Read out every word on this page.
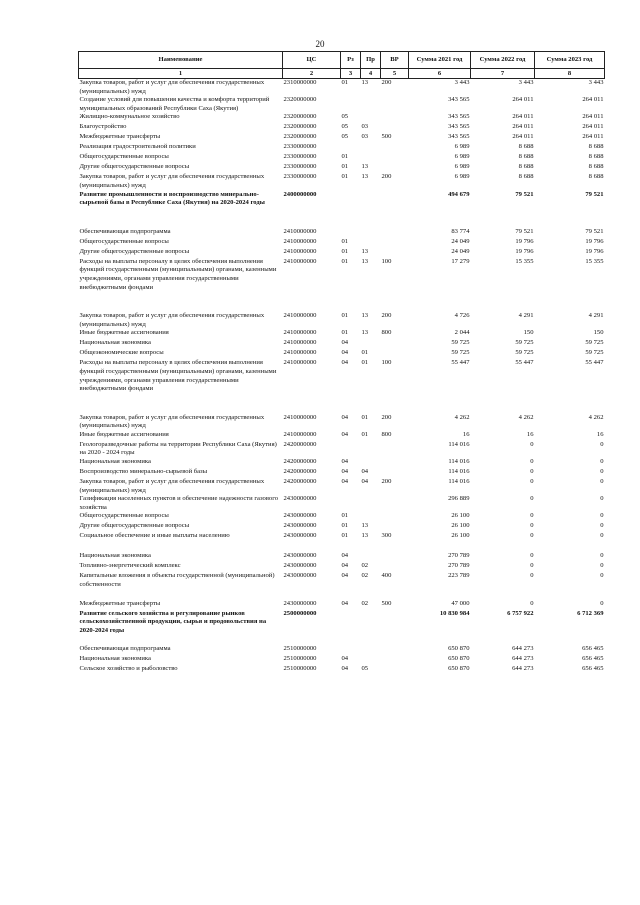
20
Наименование	ЦС	Рз	Пр	ВР	Сумма 2021 год	Сумма 2022 год	Сумма 2023 год
1	2	3	4	5	6	7	8
Закупка товаров, работ и услуг для обеспечения государственных (муниципальных) нужд	2310000000	01	13	200	3 443	3 443	3 443
Создание условий для повышения качества и комфорта территорий муниципальных образований Республики Саха (Якутия)	2320000000				343 565	264 011	264 011
Жилищно-коммунальное хозяйство	2320000000	05			343 565	264 011	264 011
Благоустройство	2320000000	05	03		343 565	264 011	264 011
Межбюджетные трансферты	2320000000	05	03	500	343 565	264 011	264 011
Реализация градостроительной политики	2330000000				6 989	8 688	8 688
Общегосударственные вопросы	2330000000	01			6 989	8 688	8 688
Другие общегосударственные вопросы	2330000000	01	13		6 989	8 688	8 688
Закупка товаров, работ и услуг для обеспечения государственных (муниципальных) нужд	2330000000	01	13	200	6 989	8 688	8 688
Развитие промышленности и воспроизводство минерально-сырьевой базы в Республике Саха (Якутия) на 2020-2024 годы	2400000000				494 679	79 521	79 521

Обеспечивающая подпрограмма	2410000000				83 774	79 521	79 521
Общегосударственные вопросы	2410000000	01			24 049	19 796	19 796
Другие общегосударственные вопросы	2410000000	01	13		24 049	19 796	19 796
Расходы на выплаты персоналу в целях обеспечения выполнения функций государственными (муниципальными) органами, казенными учреждениями, органами управления государственными внебюджетными фондами	2410000000	01	13	100	17 279	15 355	15 355

Закупка товаров, работ и услуг для обеспечения государственных (муниципальных) нужд	2410000000	01	13	200	4 726	4 291	4 291
Иные бюджетные ассигнования	2410000000	01	13	800	2 044	150	150
Национальная экономика	2410000000	04			59 725	59 725	59 725
Общеэкономические вопросы	2410000000	04	01		59 725	59 725	59 725
Расходы на выплаты персоналу в целях обеспечения выполнения функций государственными (муниципальными) органами, казенными учреждениями, органами управления государственными внебюджетными фондами	2410000000	04	01	100	55 447	55 447	55 447

Закупка товаров, работ и услуг для обеспечения государственных (муниципальных) нужд	2410000000	04	01	200	4 262	4 262	4 262
Иные бюджетные ассигнования	2410000000	04	01	800	16	16	16
Геологоразведочные работы на территории Республики Саха (Якутия) на 2020 - 2024 годы	2420000000				114 016	0	0
Национальная экономика	2420000000	04			114 016	0	0
Воспроизводство минерально-сырьевой базы	2420000000	04	04		114 016	0	0
Закупка товаров, работ и услуг для обеспечения государственных (муниципальных) нужд	2420000000	04	04	200	114 016	0	0
Газификация населенных пунктов и обеспечение надежности газового хозяйства	2430000000				296 889	0	0
Общегосударственные вопросы	2430000000	01			26 100	0	0
Другие общегосударственные вопросы	2430000000	01	13		26 100	0	0
Социальное обеспечение и иные выплаты населению	2430000000	01	13	300	26 100	0	0

Национальная экономика	2430000000	04			270 789	0	0
Топливно-энергетический комплекс	2430000000	04	02		270 789	0	0
Капитальные вложения в объекты государственной (муниципальной) собственности	2430000000	04	02	400	223 789	0	0

Межбюджетные трансферты	2430000000	04	02	500	47 000	0	0
Развитие сельского хозяйства и регулирование рынков сельскохозяйственной продукции, сырья и продовольствия на 2020-2024 годы	2500000000				10 830 984	6 757 922	6 712 369

Обеспечивающая подпрограмма	2510000000				650 870	644 273	656 465
Национальная экономика	2510000000	04			650 870	644 273	656 465
Сельское хозяйство и рыболовство	2510000000	04	05		650 870	644 273	656 465
